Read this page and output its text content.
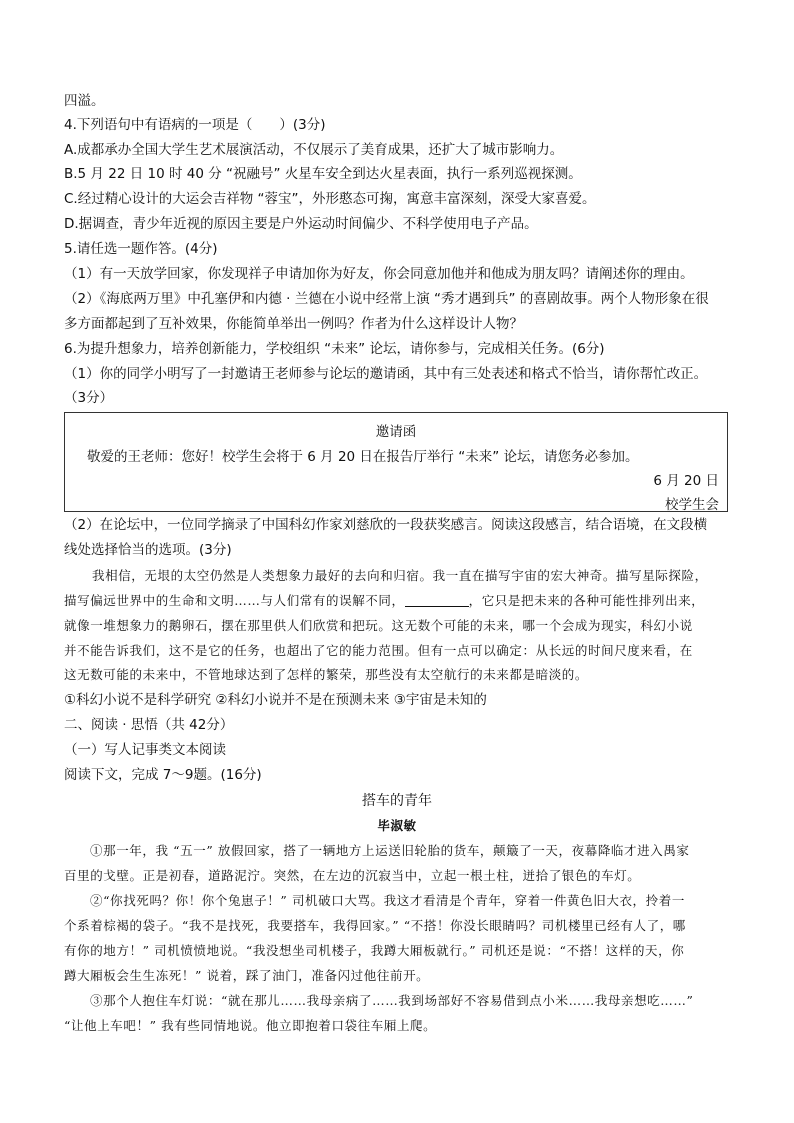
四溢。
4.下列语句中有语病的一项是（　　）(3分)
A.成都承办全国大学生艺术展演活动，不仅展示了美育成果，还扩大了城市影响力。
B.5 月 22 日 10 时 40 分 “祝融号” 火星车安全到达火星表面，执行一系列巡视探测。
C.经过精心设计的大运会吉祥物 “蓉宝”，外形憨态可掬，寓意丰富深刻，深受大家喜爱。
D.据调查，青少年近视的原因主要是户外运动时间偏少、不科学使用电子产品。
5.请任选一题作答。(4分)
（1）有一天放学回家，你发现祥子申请加你为好友，你会同意加他并和他成为朋友吗？请阐述你的理由。
（2）《海底两万里》中孔塞伊和内德 · 兰德在小说中经常上演 “秀才遇到兵” 的喜剧故事。两个人物形象在很
多方面都起到了互补效果，你能简单举出一例吗？作者为什么这样设计人物？
6.为提升想象力，培养创新能力，学校组织 “未来” 论坛，请你参与，完成相关任务。(6分)
（1）你的同学小明写了一封邀请王老师参与论坛的邀请函，其中有三处表述和格式不恰当，请你帮忙改正。
（3分）
邀请函
敬爱的王老师：您好！校学生会将于 6 月 20 日在报告厅举行 “未来” 论坛，请您务必参加。
6 月 20 日
校学生会
（2）在论坛中，一位同学摘录了中国科幻作家刘慈欣的一段获奖感言。阅读这段感言，结合语境，在文段横
线处选择恰当的选项。(3分)
我相信，无垠的太空仍然是人类想象力最好的去向和归宿。我一直在描写宇宙的宏大神奇。描写星际探险，
描写偏远世界中的生命和文明……与人们常有的误解不同，	，它只是把未来的各种可能性排列出来，
就像一堆想象力的鹅卵石，摆在那里供人们欣赏和把玩。这无数个可能的未来，哪一个会成为现实，科幻小说
并不能告诉我们，这不是它的任务，也超出了它的能力范围。但有一点可以确定：从长远的时间尺度来看，在
这无数可能的未来中，不管地球达到了怎样的繁荣，那些没有太空航行的未来都是暗淡的。
①科幻小说不是科学研究 ②科幻小说并不是在预测未来 ③宇宙是未知的
二、阅读 · 思悟（共 42分）
（一）写人记事类文本阅读
阅读下文，完成 7～9题。(16分)
搭车的青年
毕淑敏
①那一年，我 “五一” 放假回家，搭了一辆地方上运送旧轮胎的货车，颠簸了一天，夜幕降临才进入禺家
百里的戈壁。正是初春，道路泥泞。突然，在左边的沉寂当中，立起一根土柱，迸拾了银色的车灯。
②“你找死吗？你！你个兔崽子！” 司机破口大骂。我这才看清是个青年，穿着一件黄色旧大衣，拎着一
个系着棕褐的袋子。“我不是找死，我要搭车，我得回家。” “不搭！你没长眼睛吗？司机楼里已经有人了，哪
有你的地方！” 司机愤愤地说。“我没想坐司机楼子，我蹲大厢板就行。” 司机还是说：“不搭！这样的天，你
蹲大厢板会生生冻死！” 说着，踩了油门，准备闪过他往前开。
③那个人抱住车灯说：“就在那儿……我母亲病了……我到场部好不容易借到点小米……我母亲想吃……”
“让他上车吧！” 我有些同情地说。他立即抱着口袋往车厢上爬。
